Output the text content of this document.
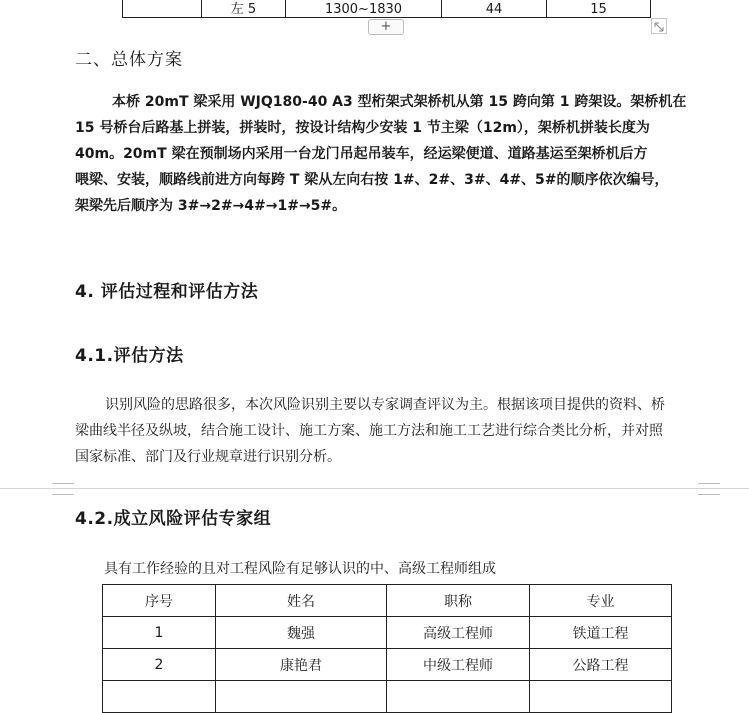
	左 5	1300~1830	44	15
+
二、总体方案

本桥 20mT 梁采用 WJQ180-40 A3 型桁架式架桥机从第 15 跨向第 1 跨架设。架桥机在
15 号桥台后路基上拼装，拼装时，按设计结构少安装 1 节主梁（12m），架桥机拼装长度为
40m。20mT 梁在预制场内采用一台龙门吊起吊装车，经运梁便道、道路基运至架桥机后方
喂梁、安装，顺路线前进方向每跨 T 梁从左向右按 1#、2#、3#、4#、5#的顺序依次编号，
架梁先后顺序为 3#→2#→4#→1#→5#。

4. 评估过程和评估方法
4.1.评估方法

识别风险的思路很多，本次风险识别主要以专家调查评议为主。根据该项目提供的资料、桥
梁曲线半径及纵坡，结合施工设计、施工方案、施工方法和施工工艺进行综合类比分析，并对照
国家标准、部门及行业规章进行识别分析。

4.2.成立风险评估专家组

具有工作经验的且对工程风险有足够认识的中、高级工程师组成

序号	姓名	职称	专业
1	魏强	高级工程师	铁道工程
2	康艳君	中级工程师	公路工程
